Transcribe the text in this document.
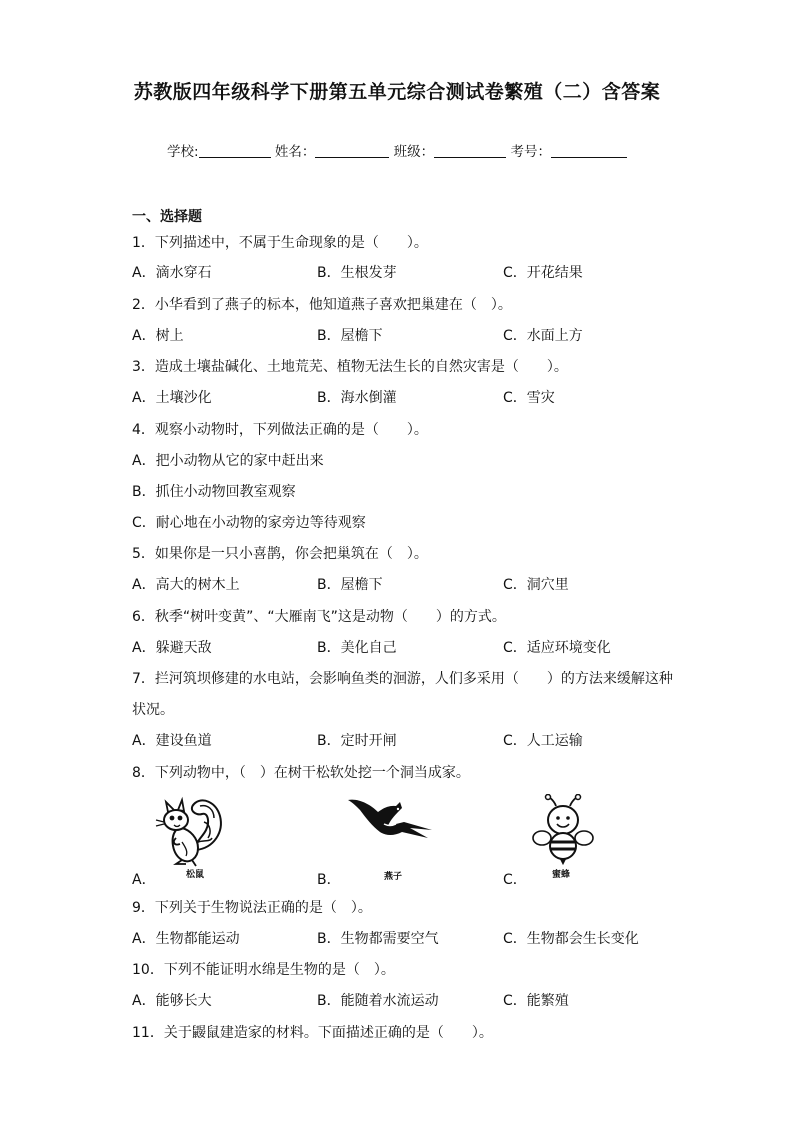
苏教版四年级科学下册第五单元综合测试卷繁殖（二）含答案
学校:	姓名：	班级：	考号：
一、选择题
1．下列描述中，不属于生命现象的是（　　）。
A．滴水穿石	B．生根发芽	C．开花结果
2．小华看到了燕子的标本，他知道燕子喜欢把巢建在（　）。
A．树上	B．屋檐下	C．水面上方
3．造成土壤盐碱化、土地荒芜、植物无法生长的自然灾害是（　　）。
A．土壤沙化	B．海水倒灌	C．雪灾
4．观察小动物时，下列做法正确的是（　　）。
A．把小动物从它的家中赶出来
B．抓住小动物回教室观察
C．耐心地在小动物的家旁边等待观察
5．如果你是一只小喜鹊，你会把巢筑在（　）。
A．高大的树木上	B．屋檐下	C．洞穴里
6．秋季“树叶变黄”、“大雁南飞”这是动物（　　）的方式。
A．躲避天敌	B．美化自己	C．适应环境变化
7．拦河筑坝修建的水电站，会影响鱼类的洄游，人们多采用（　　）的方法来缓解这种
状况。
A．建设鱼道	B．定时开闸	C．人工运输
8．下列动物中，（　）在树干松软处挖一个洞当成家。
松鼠	燕子	蜜蜂
A．	B．	C．
9．下列关于生物说法正确的是（　）。
A．生物都能运动	B．生物都需要空气	C．生物都会生长变化
10．下列不能证明水绵是生物的是（　）。
A．能够长大	B．能随着水流运动	C．能繁殖
11．关于鼹鼠建造家的材料。下面描述正确的是（　　）。
